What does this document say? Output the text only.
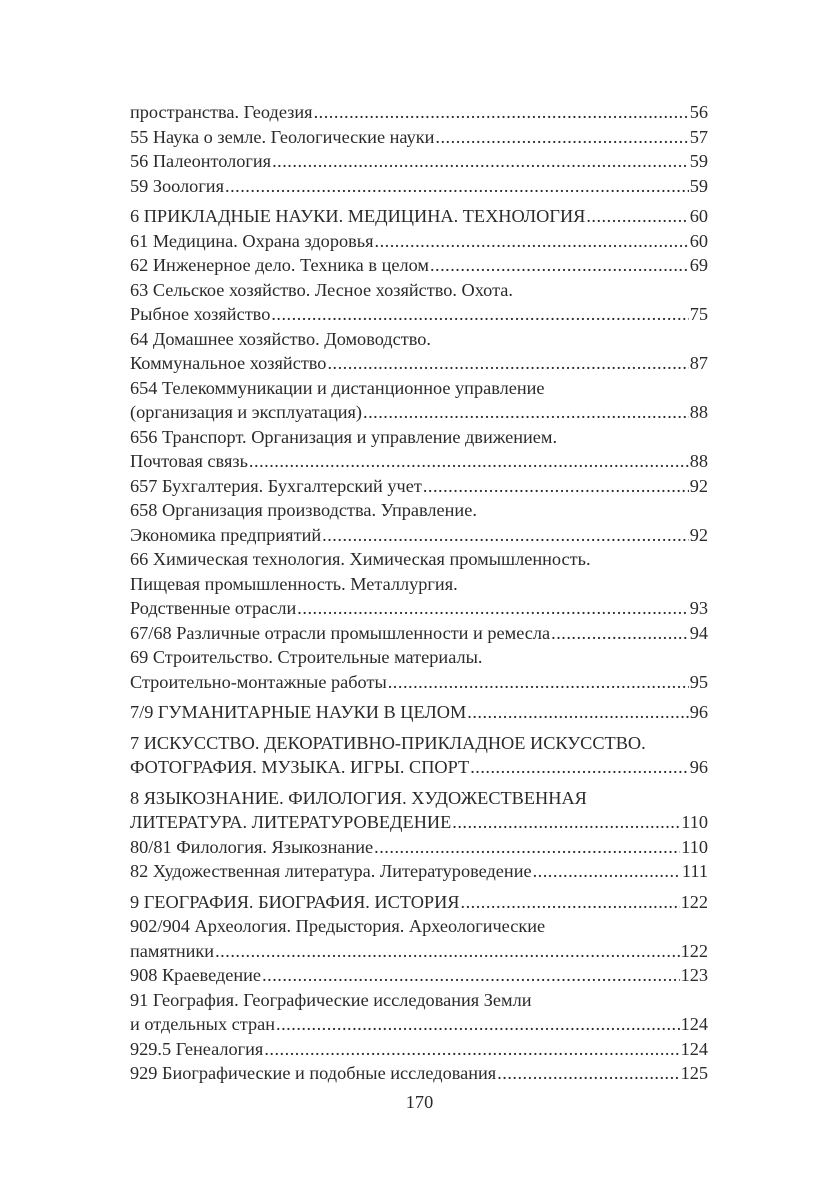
пространства. Геодезия .....	56
55 Наука о земле. Геологические науки .....	57
56 Палеонтология .....	59
59 Зоология .....	59
6 ПРИКЛАДНЫЕ НАУКИ. МЕДИЦИНА. ТЕХНОЛОГИЯ .....	60
61 Медицина. Охрана здоровья .....	60
62 Инженерное дело. Техника в целом .....	69
63 Сельское хозяйство. Лесное хозяйство. Охота.
Рыбное хозяйство .....	75
64 Домашнее хозяйство. Домоводство.
Коммунальное хозяйство .....	87
654 Телекоммуникации и дистанционное управление
(организация и эксплуатация) .....	88
656 Транспорт. Организация и управление движением.
Почтовая связь .....	88
657 Бухгалтерия. Бухгалтерский учет .....	92
658 Организация производства. Управление.
Экономика предприятий .....	92
66 Химическая технология. Химическая промышленность.
Пищевая промышленность. Металлургия.
Родственные отрасли .....	93
67/68 Различные отрасли промышленности и ремесла .....	94
69 Строительство. Строительные материалы.
Строительно-монтажные работы .....	95
7/9 ГУМАНИТАРНЫЕ НАУКИ В ЦЕЛОМ .....	96
7 ИСКУССТВО. ДЕКОРАТИВНО-ПРИКЛАДНОЕ ИСКУССТВО.
ФОТОГРАФИЯ. МУЗЫКА. ИГРЫ. СПОРТ .....	96
8 ЯЗЫКОЗНАНИЕ. ФИЛОЛОГИЯ. ХУДОЖЕСТВЕННАЯ
ЛИТЕРАТУРА. ЛИТЕРАТУРОВЕДЕНИЕ .....	110
80/81 Филология. Языкознание .....	110
82 Художественная литература. Литературоведение .....	111
9 ГЕОГРАФИЯ. БИОГРАФИЯ. ИСТОРИЯ .....	122
902/904 Археология. Предыстория. Археологические
памятники .....	122
908 Краеведение .....	123
91 География. Географические исследования Земли
и отдельных стран .....	124
929.5 Генеалогия .....	124
929 Биографические и подобные исследования .....	125
170
